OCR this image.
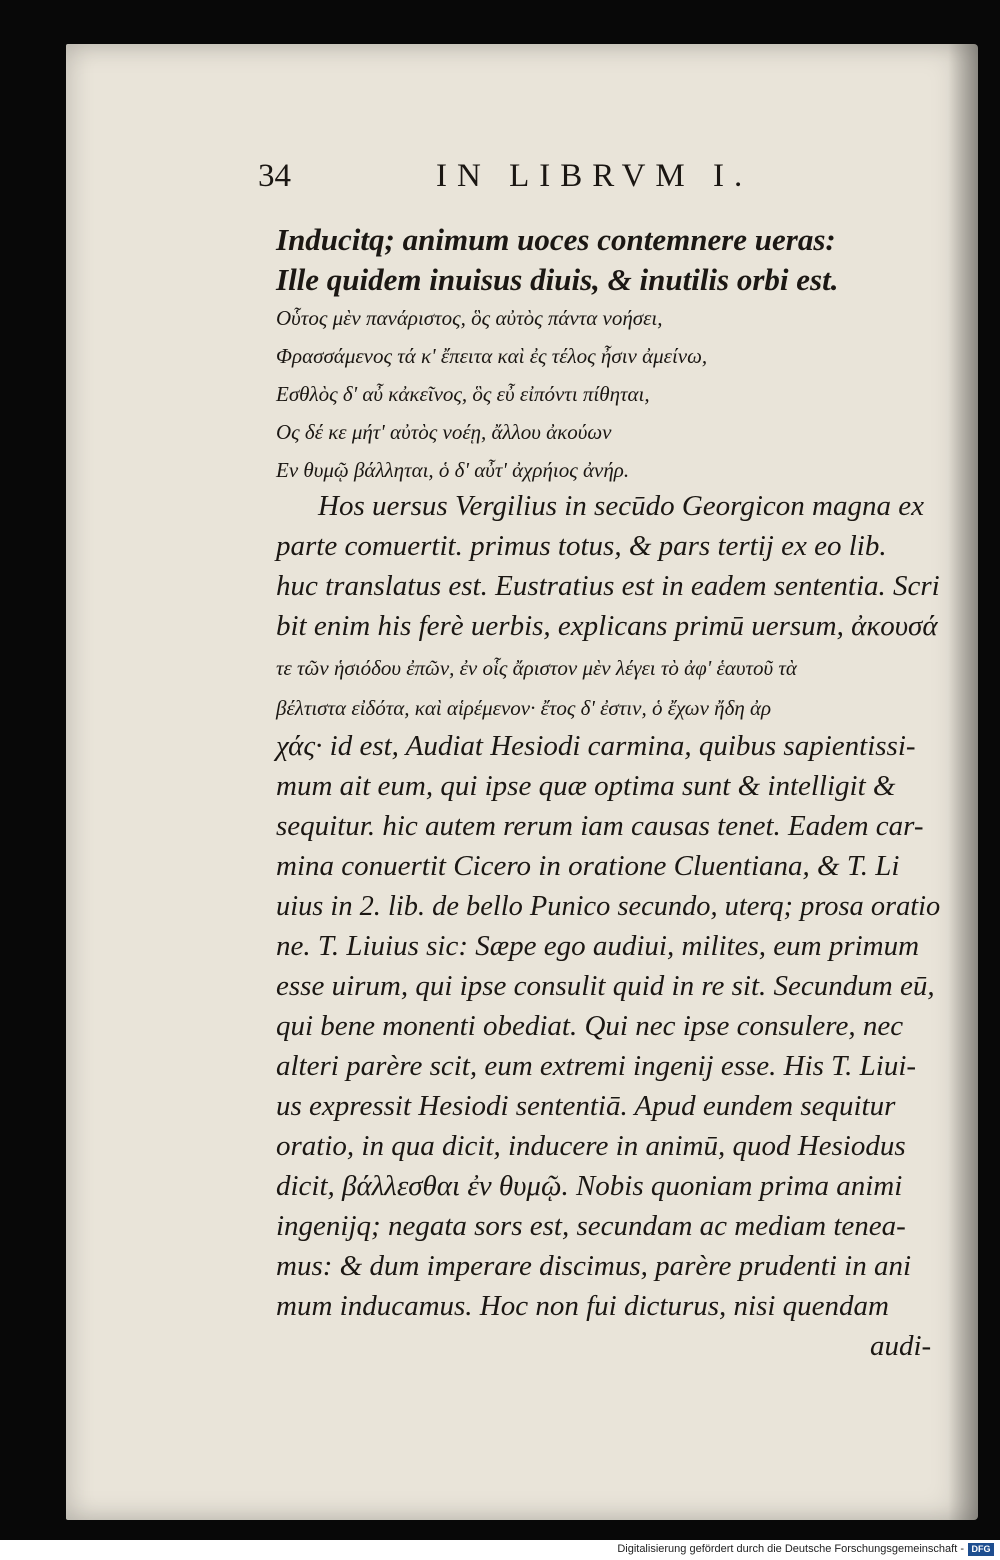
34	IN LIBRVM I.
Inducitq; animum uoces contemnere ueras:
Ille quidem inuisus diuis, & inutilis orbi est.
Οὗτος μὲν πανάριστος, ὃς αὐτὸς πάντα νοήσει,
Φρασσάμενος τά κ' ἔπειτα καὶ ἐς τέλος ἦσιν ἀμείνω,
Εσθλὸς δ' αὖ κἀκεῖνος, ὃς εὖ εἰπόντι πίθηται,
Ος δέ κε μήτ' αὐτὸς νοέῃ, ἄλλου ἀκούων
Εν θυμῷ βάλληται, ὁ δ' αὖτ' ἀχρήιος ἀνήρ.
Hos uersus Vergilius in secūdo Georgicon magna ex
parte comuertit. primus totus, & pars tertij ex eo lib.
huc translatus est. Eustratius est in eadem sententia. Scri
bit enim his ferè uerbis, explicans primū uersum, ἀκουσά
τε τῶν ἡσιόδου ἐπῶν, ἐν οἷς ἄριστον μὲν λέγει τὸ ἀφ' ἑαυτοῦ τὰ
βέλτιστα εἰδότα, καὶ αἱρέμενον· ἔτος δ' ἐστιν, ὁ ἔχων ἤδη ἀρ
χάς· id est, Audiat Hesiodi carmina, quibus sapientissi-
mum ait eum, qui ipse quæ optima sunt & intelligit &
sequitur. hic autem rerum iam causas tenet. Eadem car-
mina conuertit Cicero in oratione Cluentiana, & T. Li
uius in 2. lib. de bello Punico secundo, uterq; prosa oratio
ne. T. Liuius sic: Sæpe ego audiui, milites, eum primum
esse uirum, qui ipse consulit quid in re sit. Secundum eū,
qui bene monenti obediat. Qui nec ipse consulere, nec
alteri parère scit, eum extremi ingenij esse. His T. Liui-
us expressit Hesiodi sententiā. Apud eundem sequitur
oratio, in qua dicit, inducere in animū, quod Hesiodus
dicit, βάλλεσθαι ἐν θυμῷ. Nobis quoniam prima animi
ingenijq; negata sors est, secundam ac mediam tenea-
mus: & dum imperare discimus, parère prudenti in ani
mum inducamus. Hoc non fui dicturus, nisi quendam
audi-
Digitalisierung gefördert durch die Deutsche Forschungsgemeinschaft - DFG
